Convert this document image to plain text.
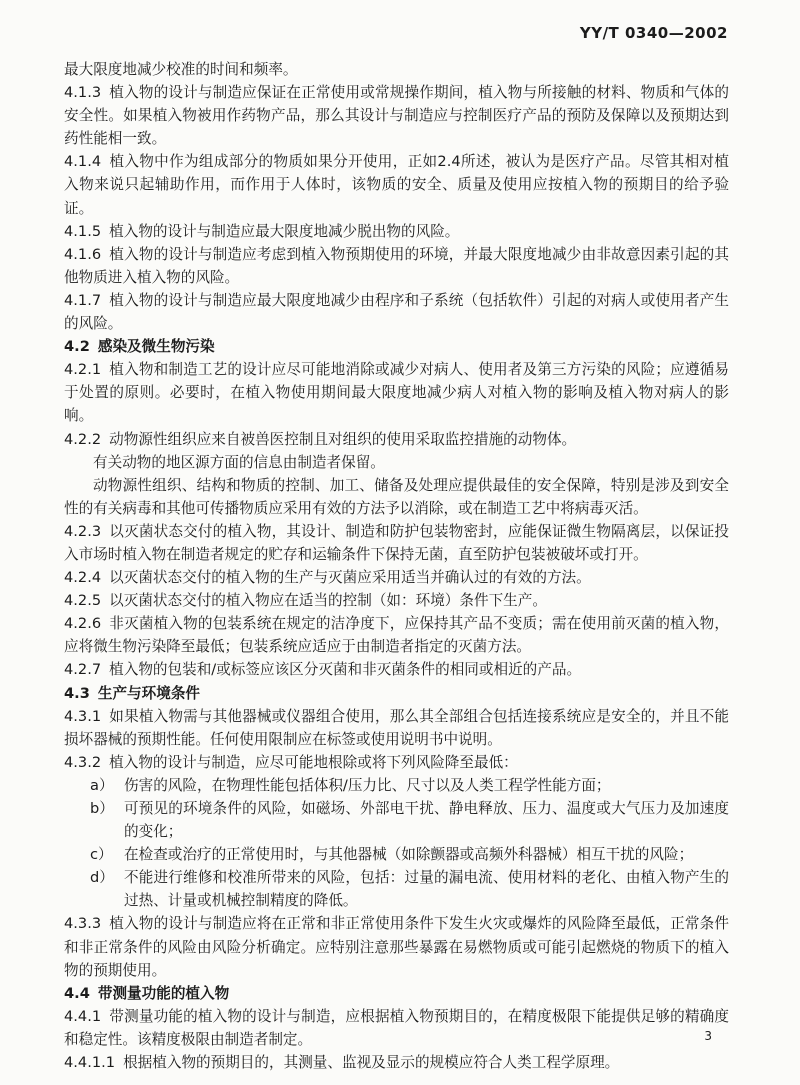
YY/T 0340—2002

最大限度地减少校准的时间和频率。

4.1.3 植入物的设计与制造应保证在正常使用或常规操作期间，植入物与所接触的材料、物质和气体的安全性。如果植入物被用作药物产品，那么其设计与制造应与控制医疗产品的预防及保障以及预期达到药性能相一致。

4.1.4 植入物中作为组成部分的物质如果分开使用，正如2.4所述，被认为是医疗产品。尽管其相对植入物来说只起辅助作用，而作用于人体时，该物质的安全、质量及使用应按植入物的预期目的给予验证。

4.1.5 植入物的设计与制造应最大限度地减少脱出物的风险。

4.1.6 植入物的设计与制造应考虑到植入物预期使用的环境，并最大限度地减少由非故意因素引起的其他物质进入植入物的风险。

4.1.7 植入物的设计与制造应最大限度地减少由程序和子系统（包括软件）引起的对病人或使用者产生的风险。

4.2 感染及微生物污染

4.2.1 植入物和制造工艺的设计应尽可能地消除或减少对病人、使用者及第三方污染的风险；应遵循易于处置的原则。必要时，在植入物使用期间最大限度地减少病人对植入物的影响及植入物对病人的影响。

4.2.2 动物源性组织应来自被兽医控制且对组织的使用采取监控措施的动物体。

有关动物的地区源方面的信息由制造者保留。

动物源性组织、结构和物质的控制、加工、储备及处理应提供最佳的安全保障，特别是涉及到安全性的有关病毒和其他可传播物质应采用有效的方法予以消除，或在制造工艺中将病毒灭活。

4.2.3 以灭菌状态交付的植入物，其设计、制造和防护包装物密封，应能保证微生物隔离层，以保证投入市场时植入物在制造者规定的贮存和运输条件下保持无菌，直至防护包装被破坏或打开。

4.2.4 以灭菌状态交付的植入物的生产与灭菌应采用适当并确认过的有效的方法。

4.2.5 以灭菌状态交付的植入物应在适当的控制（如：环境）条件下生产。

4.2.6 非灭菌植入物的包装系统在规定的洁净度下，应保持其产品不变质；需在使用前灭菌的植入物，应将微生物污染降至最低；包装系统应适应于由制造者指定的灭菌方法。

4.2.7 植入物的包装和/或标签应该区分灭菌和非灭菌条件的相同或相近的产品。

4.3 生产与环境条件

4.3.1 如果植入物需与其他器械或仪器组合使用，那么其全部组合包括连接系统应是安全的，并且不能损坏器械的预期性能。任何使用限制应在标签或使用说明书中说明。

4.3.2 植入物的设计与制造，应尽可能地根除或将下列风险降至最低：

a） 伤害的风险，在物理性能包括体积/压力比、尺寸以及人类工程学性能方面；
b） 可预见的环境条件的风险，如磁场、外部电干扰、静电释放、压力、温度或大气压力及加速度的变化；
c） 在检查或治疗的正常使用时，与其他器械（如除颤器或高频外科器械）相互干扰的风险；
d） 不能进行维修和校准所带来的风险，包括：过量的漏电流、使用材料的老化、由植入物产生的过热、计量或机械控制精度的降低。

4.3.3 植入物的设计与制造应将在正常和非正常使用条件下发生火灾或爆炸的风险降至最低，正常条件和非正常条件的风险由风险分析确定。应特别注意那些暴露在易燃物质或可能引起燃烧的物质下的植入物的预期使用。

4.4 带测量功能的植入物

4.4.1 带测量功能的植入物的设计与制造，应根据植入物预期目的，在精度极限下能提供足够的精确度和稳定性。该精度极限由制造者制定。

4.4.1.1 根据植入物的预期目的，其测量、监视及显示的规模应符合人类工程学原理。

3
